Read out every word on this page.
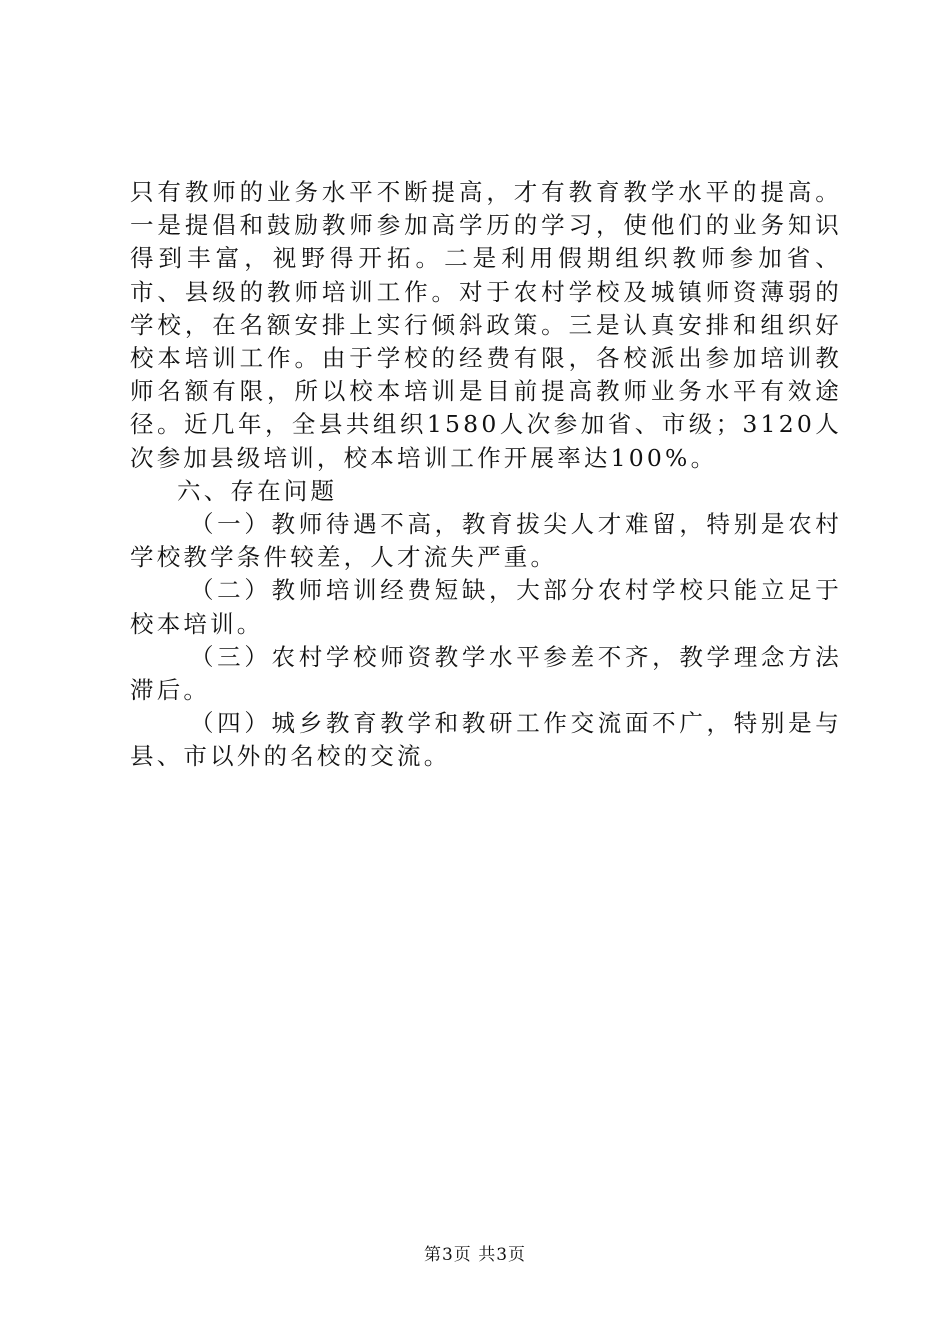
只有教师的业务水平不断提高，才有教育教学水平的提高。一是提倡和鼓励教师参加高学历的学习，使他们的业务知识得到丰富，视野得开拓。二是利用假期组织教师参加省、市、县级的教师培训工作。对于农村学校及城镇师资薄弱的学校，在名额安排上实行倾斜政策。三是认真安排和组织好校本培训工作。由于学校的经费有限，各校派出参加培训教师名额有限，所以校本培训是目前提高教师业务水平有效途径。近几年，全县共组织1580人次参加省、市级；3120人次参加县级培训，校本培训工作开展率达100%。

六、存在问题

（一）教师待遇不高，教育拔尖人才难留，特别是农村学校教学条件较差，人才流失严重。

（二）教师培训经费短缺，大部分农村学校只能立足于校本培训。

（三）农村学校师资教学水平参差不齐，教学理念方法滞后。

（四）城乡教育教学和教研工作交流面不广，特别是与县、市以外的名校的交流。

第3页 共3页
